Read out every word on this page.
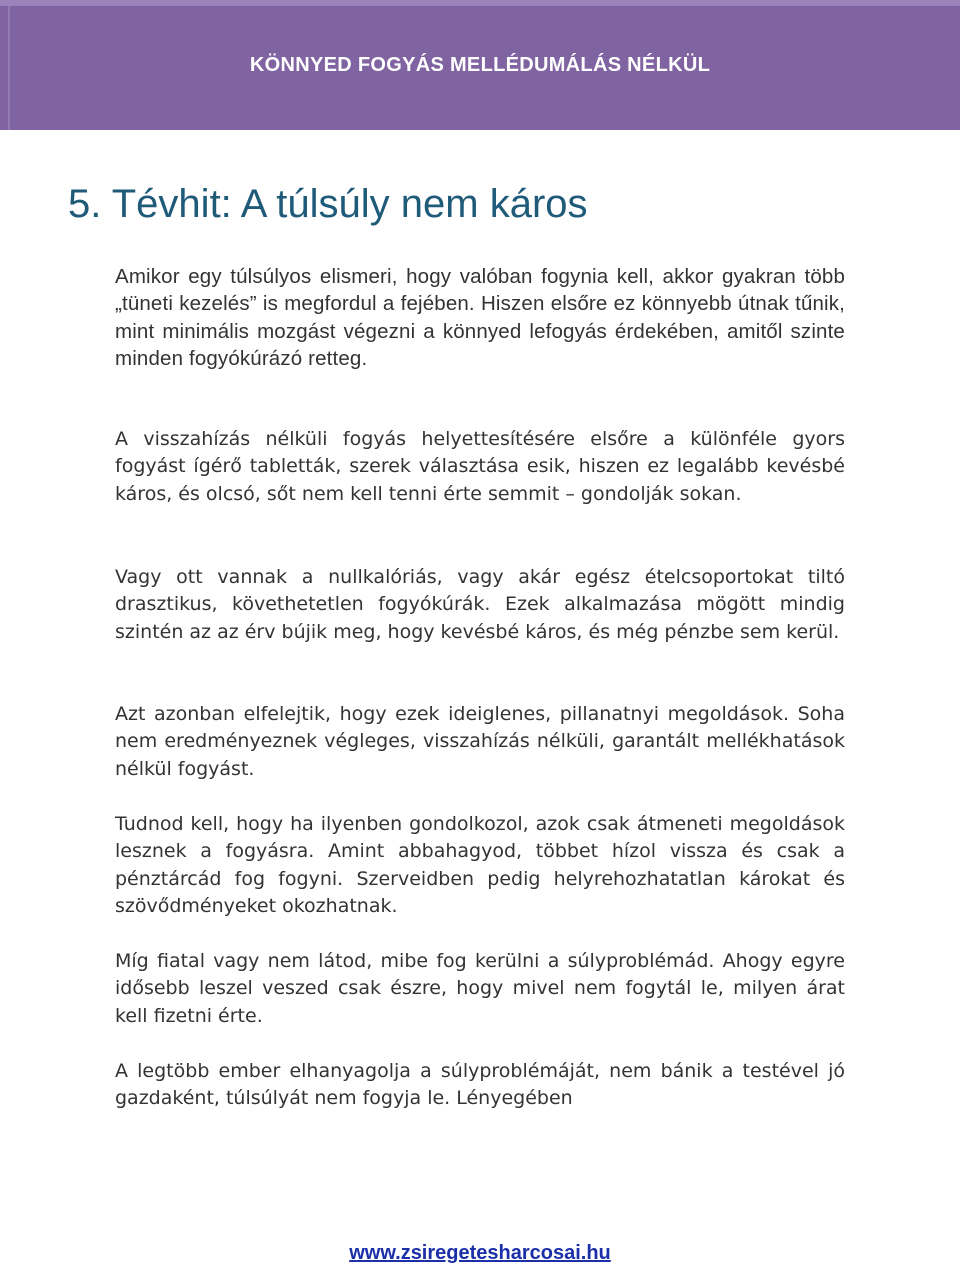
KÖNNYED FOGYÁS MELLÉDUMÁLÁS NÉLKÜL
5. Tévhit: A túlsúly nem káros

Amikor egy túlsúlyos elismeri, hogy valóban fogynia kell, akkor gyakran több „tüneti kezelés” is megfordul a fejében. Hiszen elsőre ez könnyebb útnak tűnik, mint minimális mozgást végezni a könnyed lefogyás érdekében, amitől szinte minden fogyókúrázó retteg.

A visszahízás nélküli fogyás helyettesítésére elsőre a különféle gyors fogyást ígérő tabletták, szerek választása esik, hiszen ez legalább kevésbé káros, és olcsó, sőt nem kell tenni érte semmit – gondolják sokan.

Vagy ott vannak a nullkalóriás, vagy akár egész ételcsoportokat tiltó drasztikus, követhetetlen fogyókúrák. Ezek alkalmazása mögött mindig szintén az az érv bújik meg, hogy kevésbé káros, és még pénzbe sem kerül.

Azt azonban elfelejtik, hogy ezek ideiglenes, pillanatnyi megoldások. Soha nem eredményeznek végleges, visszahízás nélküli, garantált mellékhatások nélkül fogyást.

Tudnod kell, hogy ha ilyenben gondolkozol, azok csak átmeneti megoldások lesznek a fogyásra. Amint abbahagyod, többet hízol vissza és csak a pénztárcád fog fogyni. Szerveidben pedig helyrehozhatatlan károkat és szövődményeket okozhatnak.

Míg fiatal vagy nem látod, mibe fog kerülni a súlyproblémád. Ahogy egyre idősebb leszel veszed csak észre, hogy mivel nem fogytál le, milyen árat kell fizetni érte.

A legtöbb ember elhanyagolja a súlyproblémáját, nem bánik a testével jó gazdaként, túlsúlyát nem fogyja le. Lényegében

www.zsiregetesharcosai.hu
